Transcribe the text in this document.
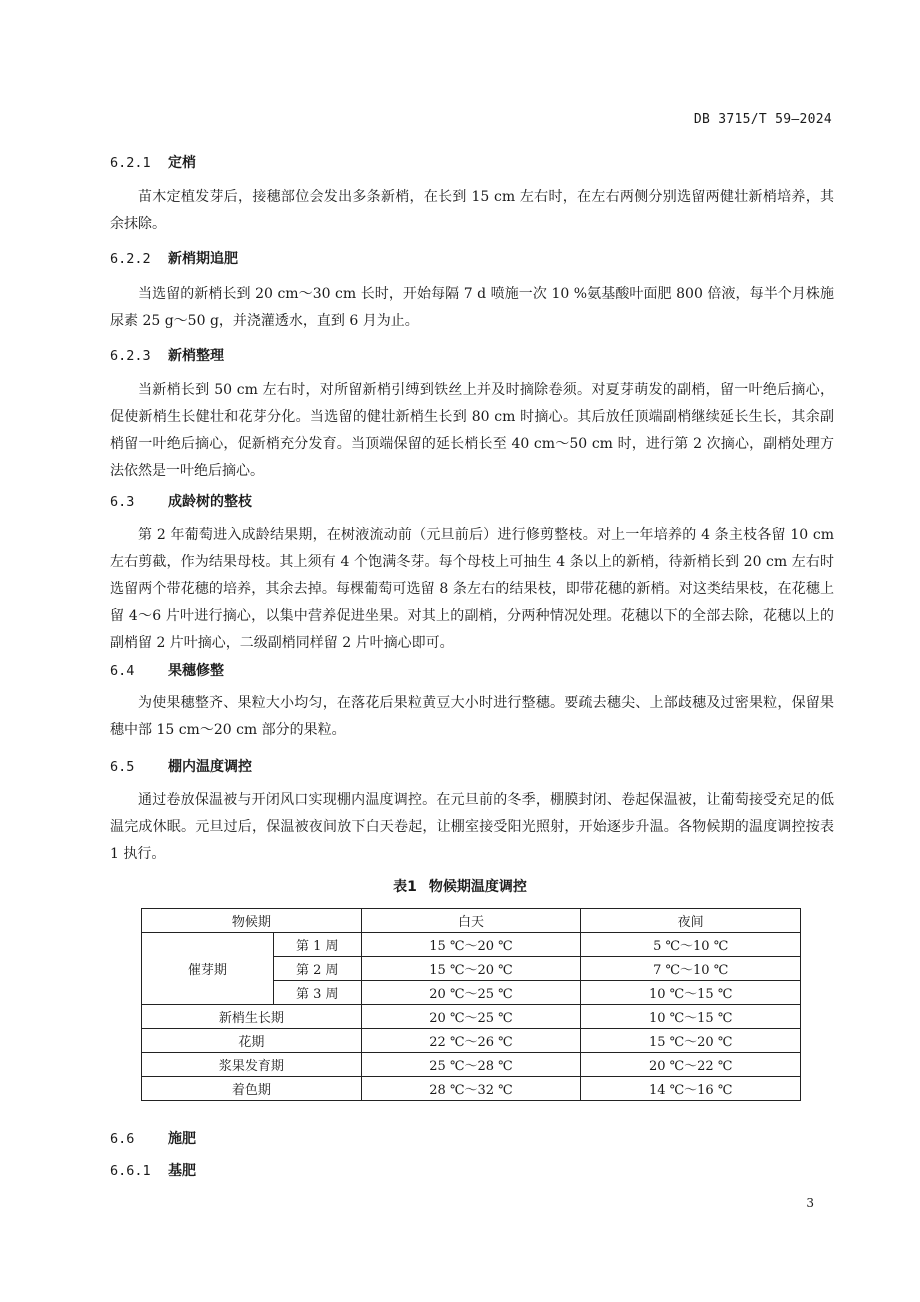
DB 3715/T 59—2024
6.2.1 定梢
苗木定植发芽后，接穗部位会发出多条新梢，在长到 15 cm 左右时，在左右两侧分别选留两健壮新梢培养，其余抹除。
6.2.2 新梢期追肥
当选留的新梢长到 20 cm～30 cm 长时，开始每隔 7 d 喷施一次 10 %氨基酸叶面肥 800 倍液，每半个月株施尿素 25 g～50 g，并浇灌透水，直到 6 月为止。
6.2.3 新梢整理
当新梢长到 50 cm 左右时，对所留新梢引缚到铁丝上并及时摘除卷须。对夏芽萌发的副梢，留一叶绝后摘心，促使新梢生长健壮和花芽分化。当选留的健壮新梢生长到 80 cm 时摘心。其后放任顶端副梢继续延长生长，其余副梢留一叶绝后摘心，促新梢充分发育。当顶端保留的延长梢长至 40 cm～50 cm 时，进行第 2 次摘心，副梢处理方法依然是一叶绝后摘心。
6.3 成龄树的整枝
第 2 年葡萄进入成龄结果期，在树液流动前（元旦前后）进行修剪整枝。对上一年培养的 4 条主枝各留 10 cm 左右剪截，作为结果母枝。其上须有 4 个饱满冬芽。每个母枝上可抽生 4 条以上的新梢，待新梢长到 20 cm 左右时选留两个带花穗的培养，其余去掉。每棵葡萄可选留 8 条左右的结果枝，即带花穗的新梢。对这类结果枝，在花穗上留 4～6 片叶进行摘心，以集中营养促进坐果。对其上的副梢，分两种情况处理。花穗以下的全部去除，花穗以上的副梢留 2 片叶摘心，二级副梢同样留 2 片叶摘心即可。
6.4 果穗修整
为使果穗整齐、果粒大小均匀，在落花后果粒黄豆大小时进行整穗。要疏去穗尖、上部歧穗及过密果粒，保留果穗中部 15 cm～20 cm 部分的果粒。
6.5 棚内温度调控
通过卷放保温被与开闭风口实现棚内温度调控。在元旦前的冬季，棚膜封闭、卷起保温被，让葡萄接受充足的低温完成休眠。元旦过后，保温被夜间放下白天卷起，让棚室接受阳光照射，开始逐步升温。各物候期的温度调控按表 1 执行。
表1 物候期温度调控
物候期		白天	夜间
催芽期	第 1 周	15 ℃～20 ℃	5 ℃～10 ℃
	第 2 周	15 ℃～20 ℃	7 ℃～10 ℃
	第 3 周	20 ℃～25 ℃	10 ℃～15 ℃
新梢生长期		20 ℃～25 ℃	10 ℃～15 ℃
花期		22 ℃～26 ℃	15 ℃～20 ℃
浆果发育期		25 ℃～28 ℃	20 ℃～22 ℃
着色期		28 ℃～32 ℃	14 ℃～16 ℃
6.6 施肥
6.6.1 基肥
3
